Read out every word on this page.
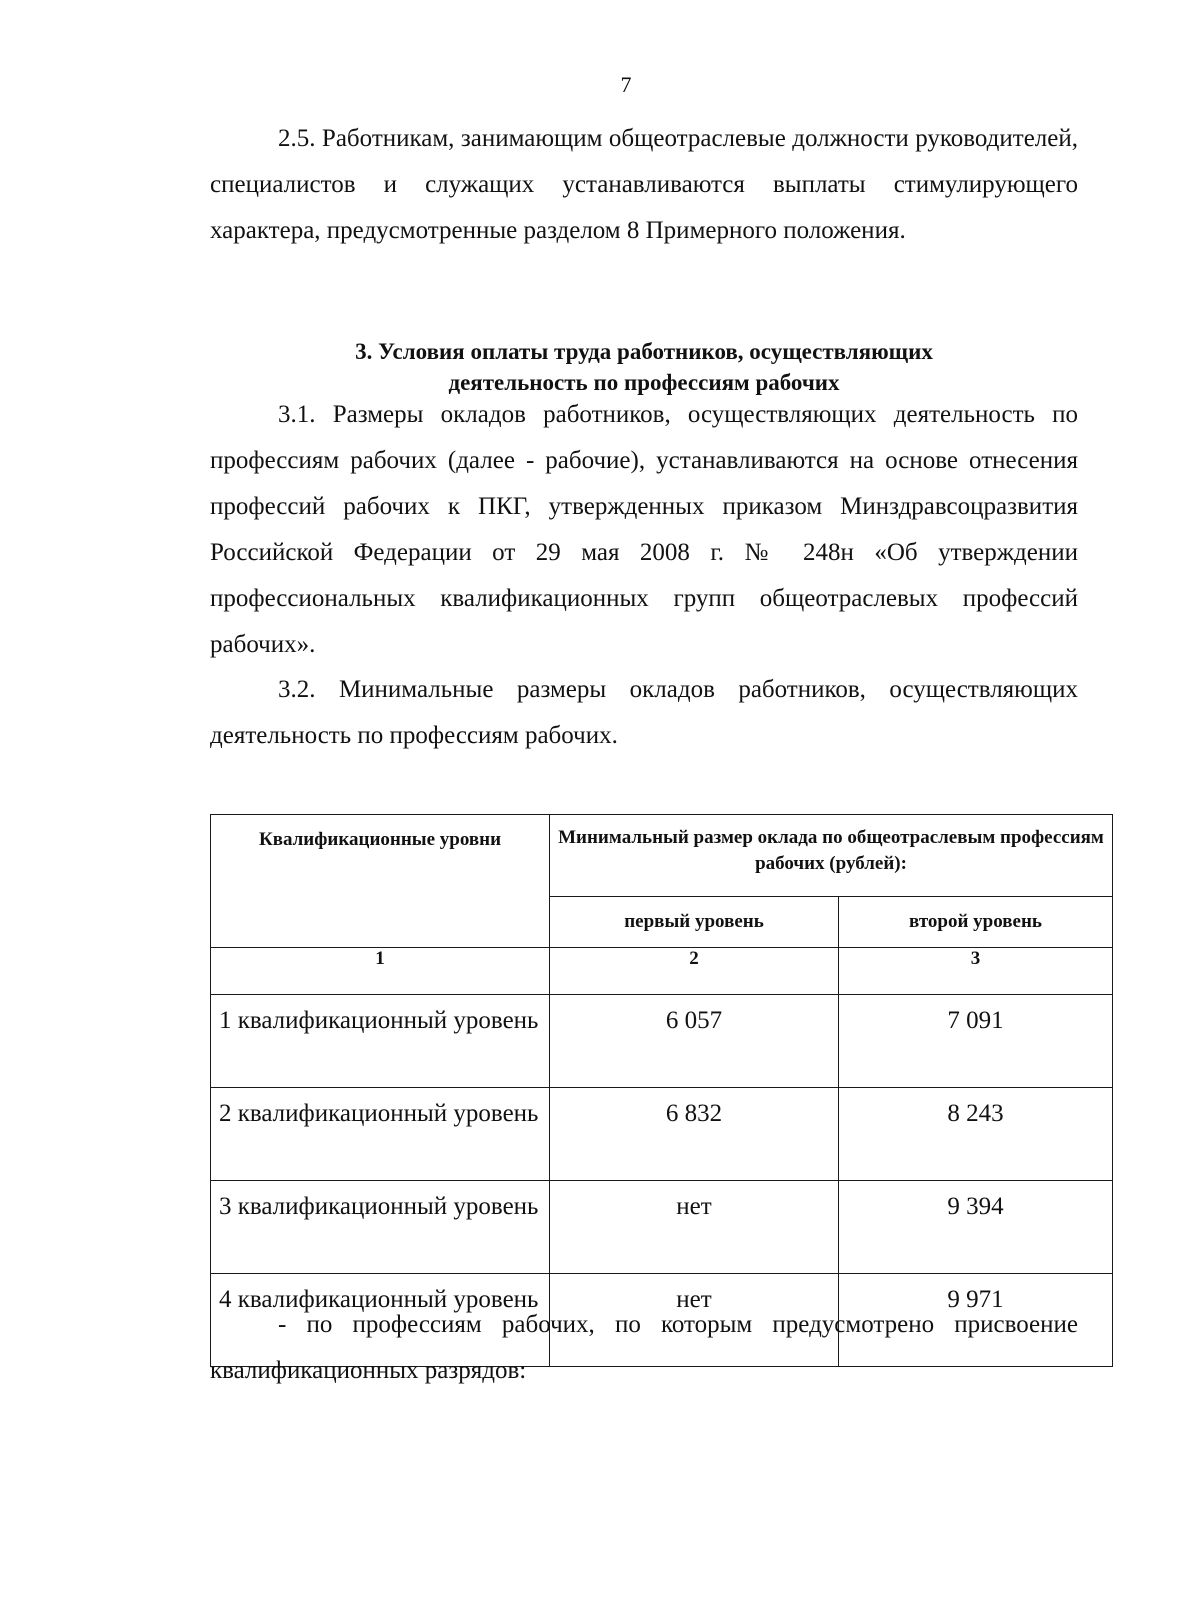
7

2.5. Работникам, занимающим общеотраслевые должности руководителей, специалистов и служащих устанавливаются выплаты стимулирующего характера, предусмотренные разделом 8 Примерного положения.

3. Условия оплаты труда работников, осуществляющих
деятельность по профессиям рабочих

3.1. Размеры окладов работников, осуществляющих деятельность по профессиям рабочих (далее - рабочие), устанавливаются на основе отнесения профессий рабочих к ПКГ, утвержденных приказом Минздравсоцразвития Российской Федерации от 29 мая 2008 г. № 248н «Об утверждении профессиональных квалификационных групп общеотраслевых профессий рабочих».

3.2. Минимальные размеры окладов работников, осуществляющих деятельность по профессиям рабочих.

Квалификационные уровни	Минимальный размер оклада по общеотраслевым профессиям рабочих (рублей):	
	первый уровень	второй уровень
1	2	3
1 квалификационный уровень	6 057	7 091
2 квалификационный уровень	6 832	8 243
3 квалификационный уровень	нет	9 394
4 квалификационный уровень	нет	9 971

- по профессиям рабочих, по которым предусмотрено присвоение квалификационных разрядов:
